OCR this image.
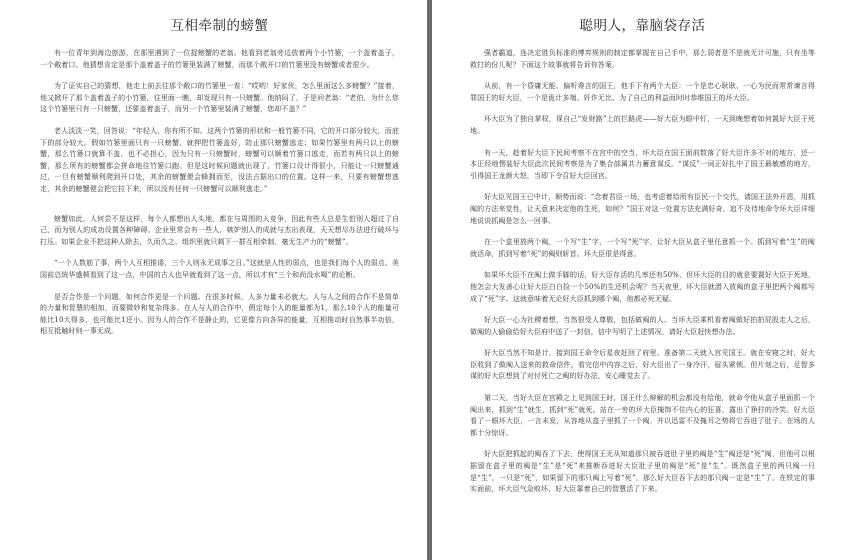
互相牵制的螃蟹

有一位青年到海边旅游，在那里遇到了一位捉螃蟹的老翁。他看到老翁旁边放着两个小竹篓，一个盖着盖子，一个敞着口。他猜想肯定是那个盖着盖子的竹篓里装满了螃蟹，而那个敞开口的竹篓里没有螃蟹或者很少。

为了证实自己的猜想，他走上前去往那个敞口的竹篓里一看：“哎哟！好家伙，怎么里面这么多螃蟹？”接着，他又掀开了那个盖着盖子的小竹篓，往里面一瞧，却发现只有一只螃蟹。他纳闷了，于是问老翁：“老伯，为什么您这个竹篓里只有一只螃蟹，还要盖着盖子，而另一个竹篓里装满了螃蟹，您却不盖？”

老人淡淡一笑，回答说：“年轻人，你有所不知。这两个竹篓的形状和一般竹篓不同，它的开口部分较大，而底下的部分较大。假如竹篓里面只有一只螃蟹，就押把竹篓盖好，防止那只螃蟹逃走；如果竹篓里有两只以上的螃蟹，那么竹篓口就算不盖，也不必担心，因为只有一只螃蟹时，螃蟹可以顺着竹篓口逃走，而若有两只以上的螃蟹，那么所有的螃蟹都会拼命地往竹篓口跑。但是这时候问题就出现了，竹篓口设计得很小，只能让一只螃蟹通过，一旦有螃蟹顺利爬到开口处，其余的螃蟹便会蜂拥而至，没法占据出口的位置。这样一来，只要有螃蟹想逃走，其余的螃蟹便会把它拉下来，所以没有任何一只螃蟹可以顺利逃走。”

螃蟹如此，人何尝不是这样，每个人都想出人头地，都在与周围的人竞争，因此有些人总是生怕别人超过了自己，而为别人的成功设置各种障碍。企业里常会有一些人，嫉妒别人的成就与杰出表现，天天想尽办法进行破坏与打压。如果企业不把这种人除去，久而久之，组织里就只剩下一群互相牵制、毫无生产力的“螃蟹”。

“一个人数筋了事，两个人互相推诿，三个人则永无成事之日。”这就是人性的弱点，也是我们每个人的弱点。美国前总统华盛顿看到了这一点，中国的古人也早就看到了这一点，所以才有“三个和尚没水喝”的论断。

是否合作是一个问题，如何合作更是一个问题。在很多时候，人多力量未必就大。人与人之间的合作不是简单的力量和智慧的相加，而要微妙和复杂得多。在人与人的合作中，假定每个人的能量都为1，那么10个人的能量可能比10大得多，也可能比1还小。因为人的合作不是静止的，它更像方向各异的能量，互相推动时自然事半功倍，相互抵触时则一事无成。

聪明人，靠脑袋存活

强者霸道，连决定胜负标准的博弈规则的制定都掌握在自己手中，那么弱者是不是就无计可施，只有坐等救打的份儿呢？下面这个故事就将告诉你答案。

从前，有一个昏庸无能、偏听谗言的国王，他手下有两个大臣：一个是忠心耿耿、一心为民而常常谏言得罪国王的好大臣，一个是诡计多端、奸诈无比、为了自己的利益而时时恭维国王的坏大臣。

坏大臣为了独自掌权，视自己“发财路”上的拦路虎——好大臣为眼中钉，一天到晚想着如何置好大臣于死地。

有一天，趁着好大臣下民间考察不在宫中的空当，坏大臣在国王面前数落了好大臣许多不对的地方，还一本正经地愣装好大臣此次民间考察是为了集合部属共力蓄意谋反。“谋反”一词正好扎中了国王最敏感的地方，引得国王龙颜大怒，当即下令召好大臣回宫。

好大臣见国王已中计，顺势而说：“念着君臣一场，也考虑着给所有臣民一个交代，请国王法外开恩，用抓阄的方法来觉性，让天意来决定他的生死，如何？”国王对这一处置方法充满好奇，追不及待地命令坏大臣详细地说说抓阄是怎么一回事。

在一个盒里放两个阄，一个写“生”字，一个写“死”字，让好大臣从盒子里任意抓一个。抓到写着“生”的阄就活命，抓到写着“死”的阄则斩首。坏大臣很是得意。

如果坏大臣不在阄上做手脚的话，好大臣存活的几率还有50%，但坏大臣的目的就是要置好大臣于死地，他怎会大发善心让好大臣白白捡一个50%的生还机会呢？当天夜里，坏大臣就潜入放阄的盒子里把两个阄都写成了“死”字。这就意味着无论好大臣抓到哪个阄，他都必死无疑。

好大臣一心为社稷着想，当然很受人尊敬，包括做阄的人。当坏大臣乘机看着阄做好拍拍屁股走人之后，做阄的人偷偷给好大臣府中送了一封信，信中写明了上述情况，请好大臣赶快想办法。

好大臣当然不知是计，接到国王命令后星夜赶回了府里。准备第二天就入宫见国王。就在安寝之时，好大臣收到了做阄人送来的救命信件。看完信中内容之后，好大臣出了一身冷汗，眉头紧锁。但片刻之后，足智多谋的好大臣想到了对付死亡之阄的好办法，安心睡觉去了。

第二天，当好大臣在宫殿之上见到国王时，国王什么辩解的机会都没有给他，就命令他从盒子里面抓一个阄出来，抓到“生”就生，抓到“死”就死。站在一旁的坏大臣掩饰不住内心的狂喜，露出了狰狞的冷笑。好大臣看了一眼坏大臣，一言未发，从容地从盒子里抓了一个阄，并以迅雷不及掩耳之势将它吞进了肚子。在场的人都十分惊讶。

好大臣把抓起的阄吞了下去，使得国王无从知道那只被吞进肚子里的阄是“生”阄还是“死”阄，但他可以根据留在盒子里的阄是“生”是“死”来推断吞进好大臣肚子里的阄是“死”是“生”。既然盒子里的两只阄一只是“生”，一只是“死”，如果留下的那只阄上写着“死”，那么好大臣吞下去的那只阄一定是“生”了。在铁定的事实面前，坏大臣气急败坏，好大臣靠着自己的智慧活了下来。
